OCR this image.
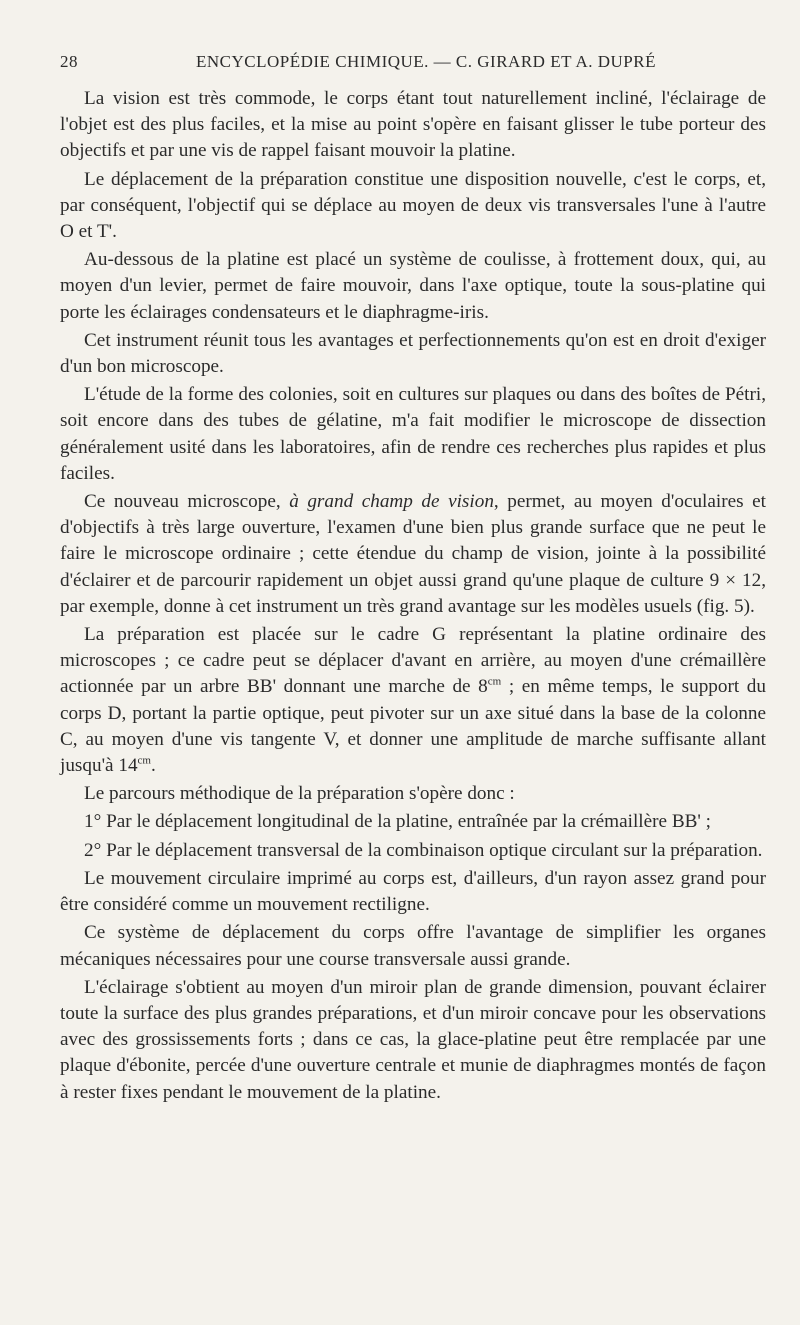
28	ENCYCLOPÉDIE CHIMIQUE. — C. GIRARD ET A. DUPRÉ

La vision est très commode, le corps étant tout naturellement incliné, l'éclairage de l'objet est des plus faciles, et la mise au point s'opère en faisant glisser le tube porteur des objectifs et par une vis de rappel faisant mouvoir la platine.

Le déplacement de la préparation constitue une disposition nouvelle, c'est le corps, et, par conséquent, l'objectif qui se déplace au moyen de deux vis transversales l'une à l'autre O et T'.

Au-dessous de la platine est placé un système de coulisse, à frottement doux, qui, au moyen d'un levier, permet de faire mouvoir, dans l'axe optique, toute la sous-platine qui porte les éclairages condensateurs et le diaphragme-iris.

Cet instrument réunit tous les avantages et perfectionnements qu'on est en droit d'exiger d'un bon microscope.

L'étude de la forme des colonies, soit en cultures sur plaques ou dans des boîtes de Pétri, soit encore dans des tubes de gélatine, m'a fait modifier le microscope de dissection généralement usité dans les laboratoires, afin de rendre ces recherches plus rapides et plus faciles.

Ce nouveau microscope, à grand champ de vision, permet, au moyen d'oculaires et d'objectifs à très large ouverture, l'examen d'une bien plus grande surface que ne peut le faire le microscope ordinaire ; cette étendue du champ de vision, jointe à la possibilité d'éclairer et de parcourir rapidement un objet aussi grand qu'une plaque de culture 9 × 12, par exemple, donne à cet instrument un très grand avantage sur les modèles usuels (fig. 5).

La préparation est placée sur le cadre G représentant la platine ordinaire des microscopes ; ce cadre peut se déplacer d'avant en arrière, au moyen d'une crémaillère actionnée par un arbre BB' donnant une marche de $8^{cm}$ ; en même temps, le support du corps D, portant la partie optique, peut pivoter sur un axe situé dans la base de la colonne C, au moyen d'une vis tangente V, et donner une amplitude de marche suffisante allant jusqu'à $14^{cm}$.

Le parcours méthodique de la préparation s'opère donc :

1° Par le déplacement longitudinal de la platine, entraînée par la crémaillère BB' ;

2° Par le déplacement transversal de la combinaison optique circulant sur la préparation.

Le mouvement circulaire imprimé au corps est, d'ailleurs, d'un rayon assez grand pour être considéré comme un mouvement rectiligne.

Ce système de déplacement du corps offre l'avantage de simplifier les organes mécaniques nécessaires pour une course transversale aussi grande.

L'éclairage s'obtient au moyen d'un miroir plan de grande dimension, pouvant éclairer toute la surface des plus grandes préparations, et d'un miroir concave pour les observations avec des grossissements forts ; dans ce cas, la glace-platine peut être remplacée par une plaque d'ébonite, percée d'une ouverture centrale et munie de diaphragmes montés de façon à rester fixes pendant le mouvement de la platine.
